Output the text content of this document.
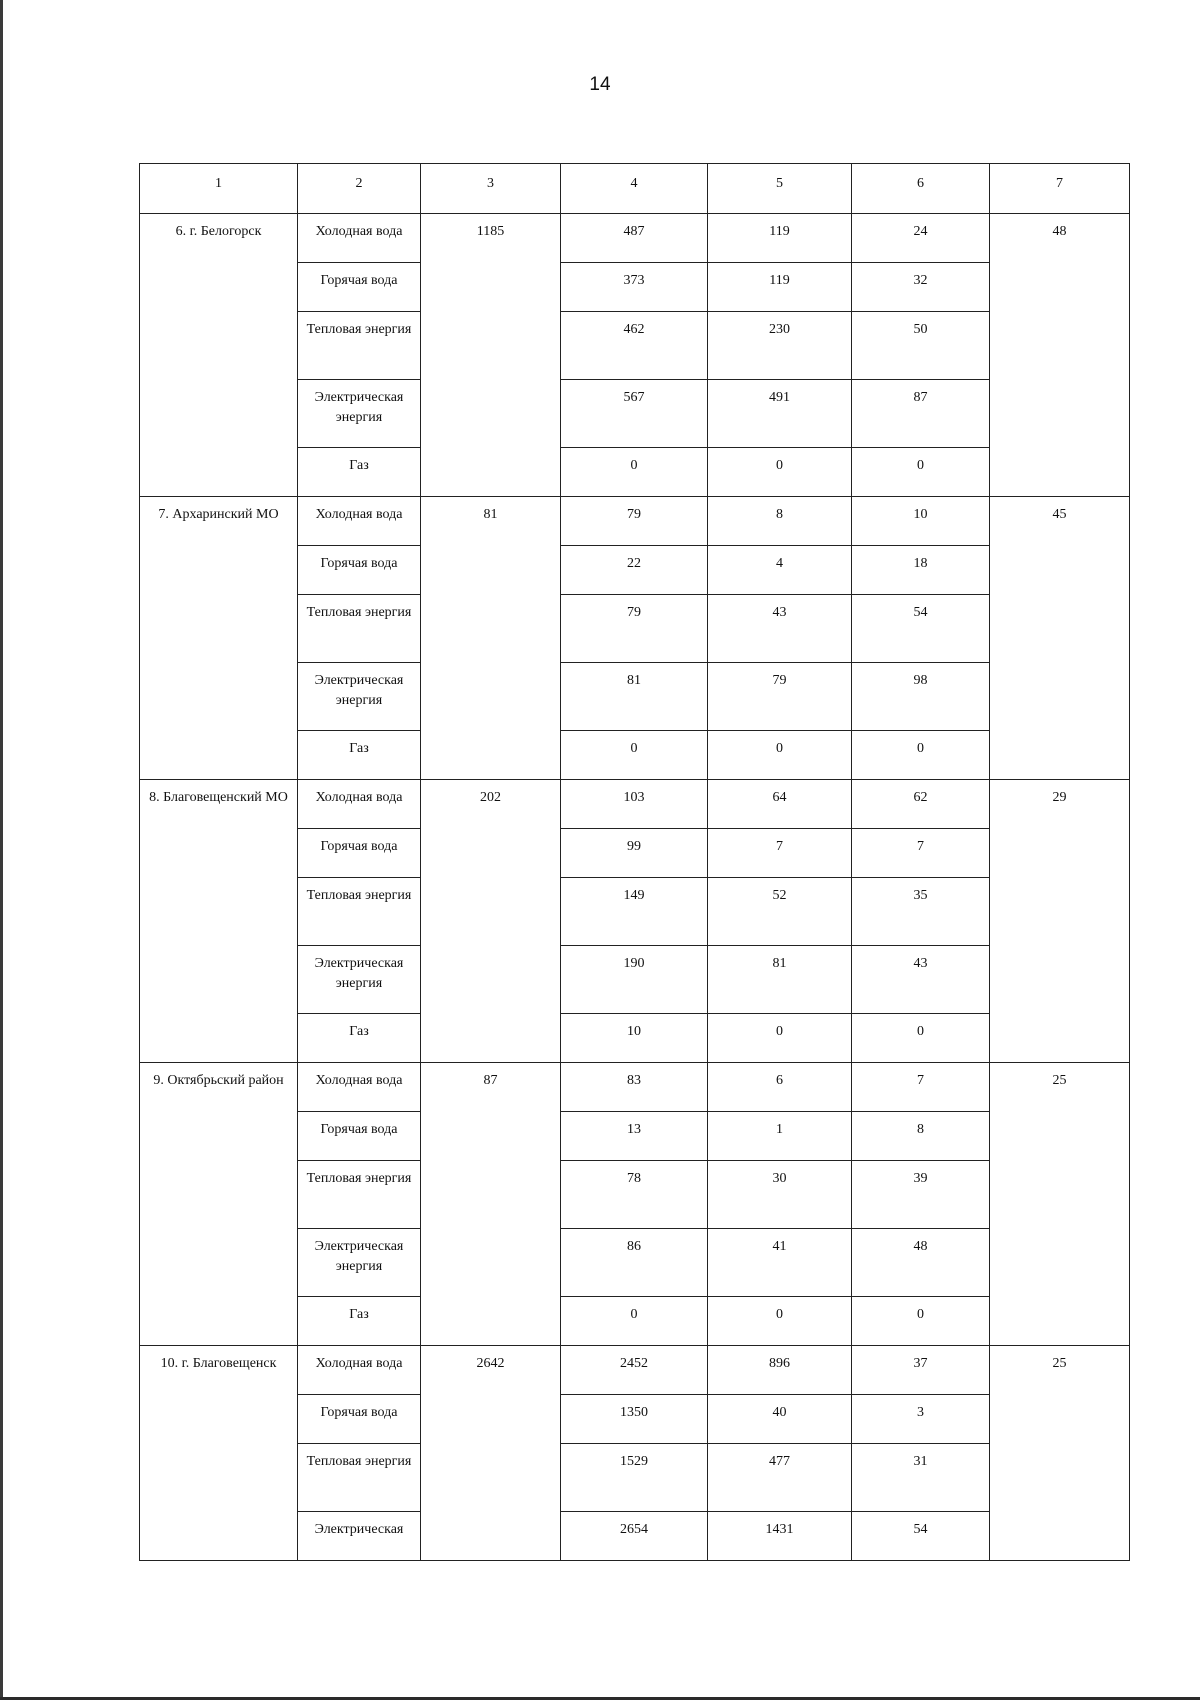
14
1	2	3	4	5	6	7
6. г. Белогорск	Холодная вода	1185	487	119	24	48
	Горячая вода		373	119	32	
	Тепловая энергия		462	230	50	
	Электрическая энергия		567	491	87	
	Газ		0	0	0	
7. Архаринский МО	Холодная вода	81	79	8	10	45
	Горячая вода		22	4	18	
	Тепловая энергия		79	43	54	
	Электрическая энергия		81	79	98	
	Газ		0	0	0	
8. Благовещенский МО	Холодная вода	202	103	64	62	29
	Горячая вода		99	7	7	
	Тепловая энергия		149	52	35	
	Электрическая энергия		190	81	43	
	Газ		10	0	0	
9. Октябрьский район	Холодная вода	87	83	6	7	25
	Горячая вода		13	1	8	
	Тепловая энергия		78	30	39	
	Электрическая энергия		86	41	48	
	Газ		0	0	0	
10. г. Благовещенск	Холодная вода	2642	2452	896	37	25
	Горячая вода		1350	40	3	
	Тепловая энергия		1529	477	31	
	Электрическая		2654	1431	54	
